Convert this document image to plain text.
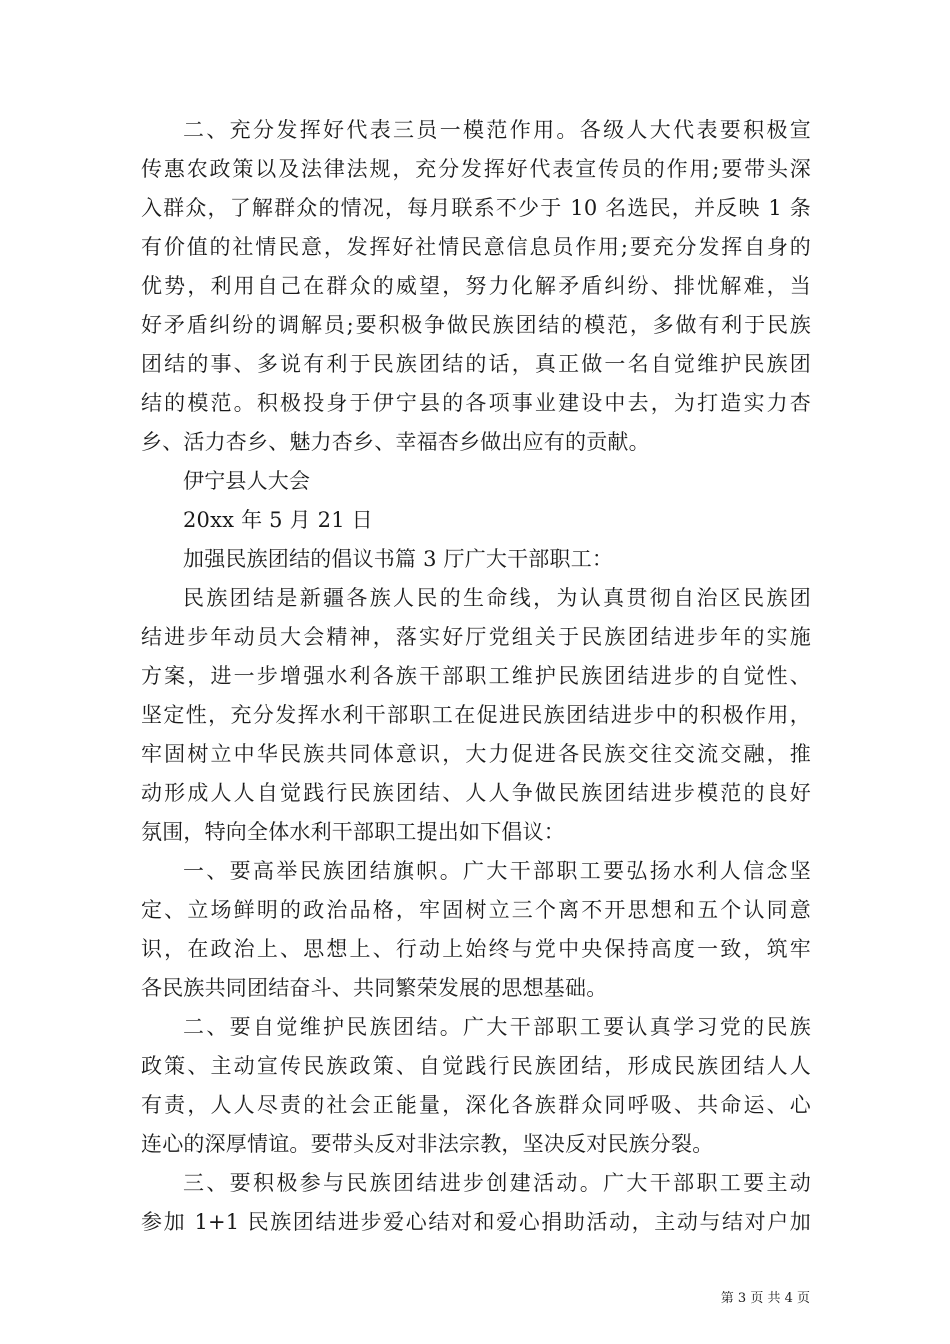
二、充分发挥好代表三员一模范作用。各级人大代表要积极宣
传惠农政策以及法律法规，充分发挥好代表宣传员的作用;要带头深
入群众，了解群众的情况，每月联系不少于 10 名选民，并反映 1 条
有价值的社情民意，发挥好社情民意信息员作用;要充分发挥自身的
优势，利用自己在群众的威望，努力化解矛盾纠纷、排忧解难，当
好矛盾纠纷的调解员;要积极争做民族团结的模范，多做有利于民族
团结的事、多说有利于民族团结的话，真正做一名自觉维护民族团
结的模范。积极投身于伊宁县的各项事业建设中去，为打造实力杏
乡、活力杏乡、魅力杏乡、幸福杏乡做出应有的贡献。
伊宁县人大会
20xx 年 5 月 21 日
加强民族团结的倡议书篇 3 厅广大干部职工：
民族团结是新疆各族人民的生命线，为认真贯彻自治区民族团
结进步年动员大会精神，落实好厅党组关于民族团结进步年的实施
方案，进一步增强水利各族干部职工维护民族团结进步的自觉性、
坚定性，充分发挥水利干部职工在促进民族团结进步中的积极作用，
牢固树立中华民族共同体意识，大力促进各民族交往交流交融，推
动形成人人自觉践行民族团结、人人争做民族团结进步模范的良好
氛围，特向全体水利干部职工提出如下倡议：
一、要高举民族团结旗帜。广大干部职工要弘扬水利人信念坚
定、立场鲜明的政治品格，牢固树立三个离不开思想和五个认同意
识，在政治上、思想上、行动上始终与党中央保持高度一致，筑牢
各民族共同团结奋斗、共同繁荣发展的思想基础。
二、要自觉维护民族团结。广大干部职工要认真学习党的民族
政策、主动宣传民族政策、自觉践行民族团结，形成民族团结人人
有责，人人尽责的社会正能量，深化各族群众同呼吸、共命运、心
连心的深厚情谊。要带头反对非法宗教，坚决反对民族分裂。
三、要积极参与民族团结进步创建活动。广大干部职工要主动
参加 1+1 民族团结进步爱心结对和爱心捐助活动，主动与结对户加
第 3 页 共 4 页
